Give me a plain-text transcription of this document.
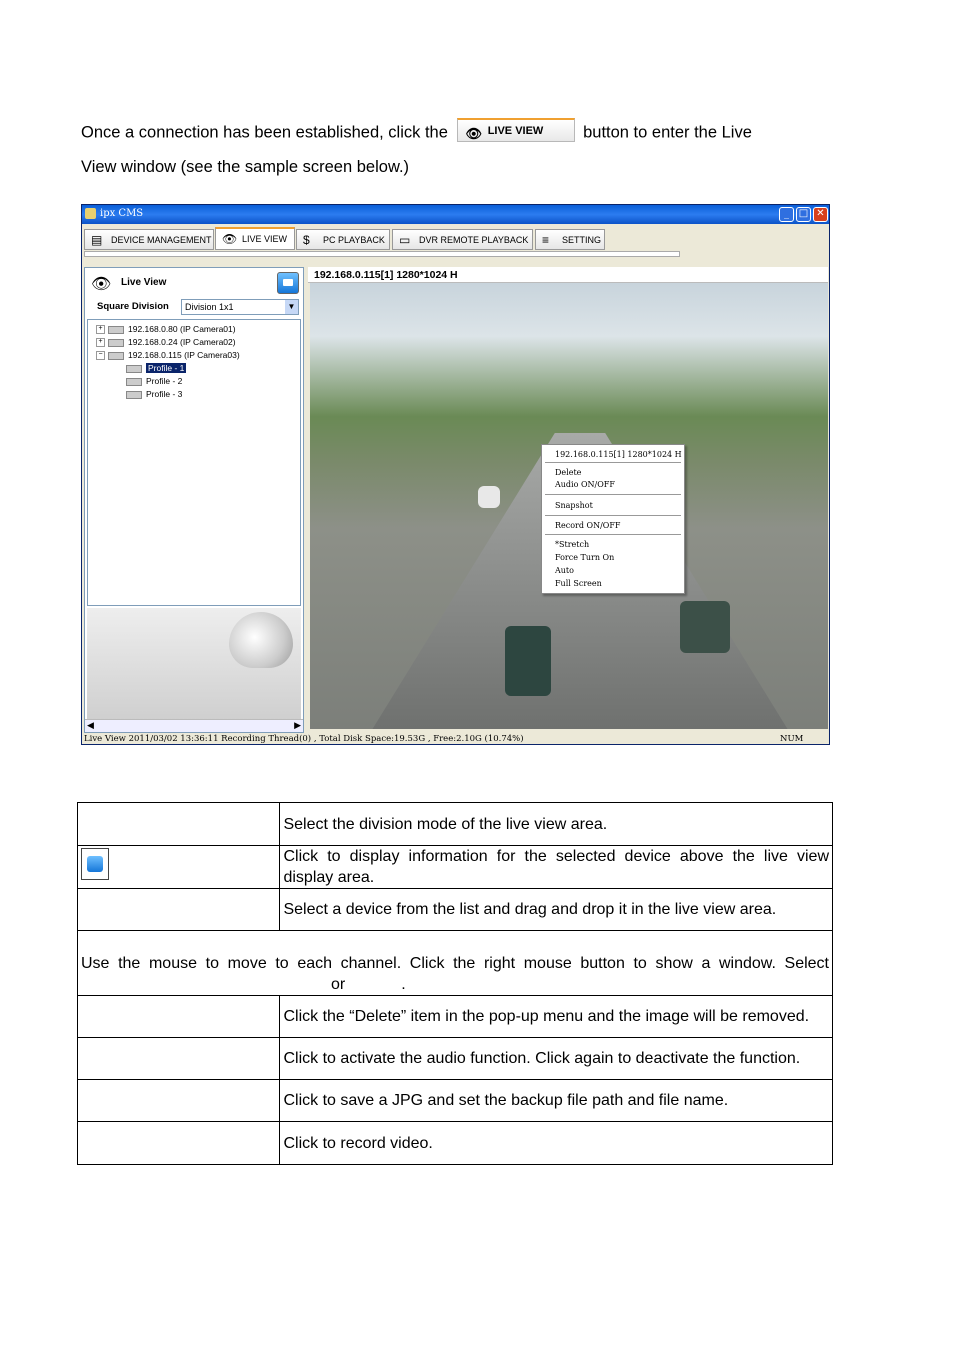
Once a connection has been established, click the 👁 LIVE VIEW button to enter the Live
View window (see the sample screen below.)
ipx CMS	_ □ ✕
▤ DEVICE MANAGEMENT 👁 LIVE VIEW	$ PC PLAYBACK	▭ DVR REMOTE PLAYBACK	≡ SETTING
👁 Live View
Square Division	Division 1x1	▼
+	192.168.0.80 (IP Camera01)
+	192.168.0.24 (IP Camera02)
−	192.168.0.115 (IP Camera03)
Profile - 1
Profile - 2
Profile - 3
◀	▶
192.168.0.115[1] 1280*1024 H
192.168.0.115[1] 1280*1024 H
Delete
Audio ON/OFF
Snapshot
Record ON/OFF
*Stretch
Force Turn On
Auto
Full Screen
Live View 2011/03/02 13:36:11 Recording Thread(0) , Total Disk Space:19.53G , Free:2.10G (10.74%)	NUM
	Select the division mode of the live view area.
	Click to display information for the selected device above the live view display area.
	Select a device from the list and drag and drop it in the live view area.
Use the mouse to move to each channel. Click the right mouse button to show a window. Selector .	
	Click the “Delete” item in the pop-up menu and the image will be removed.
	Click to activate the audio function. Click again to deactivate the function.
	Click to save a JPG and set the backup file path and file name.
	Click to record video.
